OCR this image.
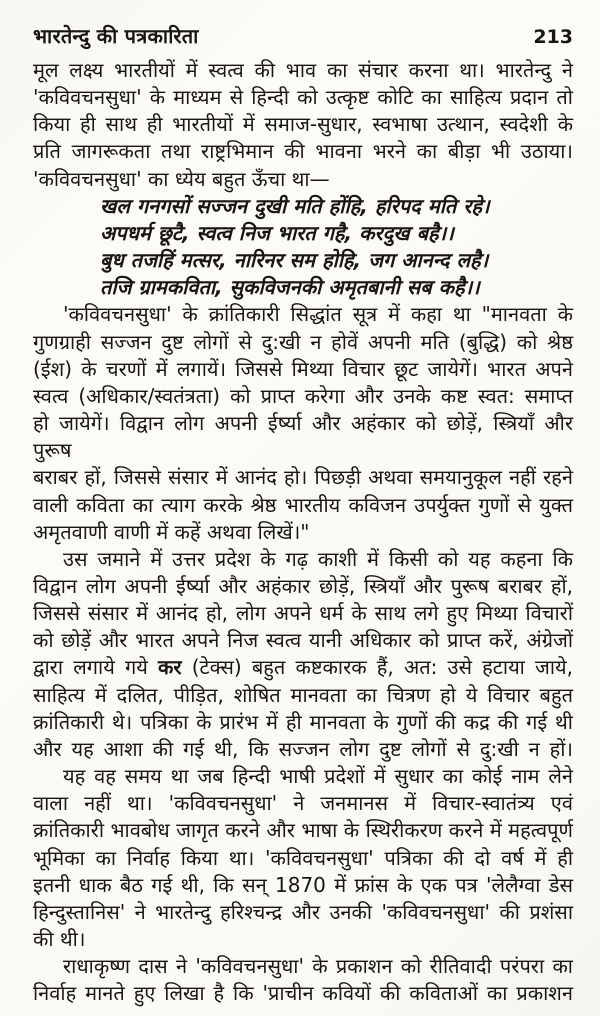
भारतेन्दु की पत्रकारिता	213
मूल लक्ष्य भारतीयों में स्वत्व की भाव का संचार करना था। भारतेन्दु ने
'कविवचनसुधा' के माध्यम से हिन्दी को उत्कृष्ट कोटि का साहित्य प्रदान तो
किया ही साथ ही भारतीयों में समाज-सुधार, स्वभाषा उत्थान, स्वदेशी के
प्रति जागरूकता तथा राष्ट्रभिमान की भावना भरने का बीड़ा भी उठाया।
'कविवचनसुधा' का ध्येय बहुत ऊँचा था—
खल गनगसों सज्जन दुखी मति होंहि, हरिपद मति रहे।
अपधर्म छूटै, स्वत्व निज भारत गहै, करदुख बहै।।
बुध तजहिं मत्सर, नारिनर सम होहि, जग आनन्द लहै।
तजि ग्रामकविता, सुकविजनकी अमृतबानी सब कहै।।
'कविवचनसुधा' के क्रांतिकारी सिद्धांत सूत्र में कहा था "मानवता के
गुणग्राही सज्जन दुष्ट लोगों से दु:खी न होवें अपनी मति (बुद्धि) को श्रेष्ठ
(ईश) के चरणों में लगायें। जिससे मिथ्या विचार छूट जायेगें। भारत अपने
स्वत्व (अधिकार/स्वतंत्रता) को प्राप्त करेगा और उनके कष्ट स्वत: समाप्त
हो जायेगें। विद्वान लोग अपनी ईर्ष्या और अहंकार को छोड़ें, स्त्रियाँ और पुरूष
बराबर हों, जिससे संसार में आनंद हो। पिछड़ी अथवा समयानुकूल नहीं रहने
वाली कविता का त्याग करके श्रेष्ठ भारतीय कविजन उपर्युक्त गुणों से युक्त
अमृतवाणी वाणी में कहें अथवा लिखें।"
उस जमाने में उत्तर प्रदेश के गढ़ काशी में किसी को यह कहना कि
विद्वान लोग अपनी ईर्ष्या और अहंकार छोड़ें, स्त्रियाँ और पुरूष बराबर हों,
जिससे संसार में आनंद हो, लोग अपने धर्म के साथ लगे हुए मिथ्या विचारों
को छोड़ें और भारत अपने निज स्वत्व यानी अधिकार को प्राप्त करें, अंग्रेजों
द्वारा लगाये गये कर (टेक्स) बहुत कष्टकारक हैं, अत: उसे हटाया जाये,
साहित्य में दलित, पीड़ित, शोषित मानवता का चित्रण हो ये विचार बहुत
क्रांतिकारी थे। पत्रिका के प्रारंभ में ही मानवता के गुणों की कद्र की गई थी
और यह आशा की गई थी, कि सज्जन लोग दुष्ट लोगों से दु:खी न हों।
यह वह समय था जब हिन्दी भाषी प्रदेशों में सुधार का कोई नाम लेने
वाला नहीं था। 'कविवचनसुधा' ने जनमानस में विचार-स्वातंत्र्य एवं
क्रांतिकारी भावबोध जागृत करने और भाषा के स्थिरीकरण करने में महत्वपूर्ण
भूमिका का निर्वाह किया था। 'कविवचनसुधा' पत्रिका की दो वर्ष में ही
इतनी धाक बैठ गई थी, कि सन् 1870 में फ्रांस के एक पत्र 'लेलैग्वा डेस
हिन्दुस्तानिस' ने भारतेन्दु हरिश्चन्द्र और उनकी 'कविवचनसुधा' की प्रशंसा
की थी।
राधाकृष्ण दास ने 'कविवचनसुधा' के प्रकाशन को रीतिवादी परंपरा का
निर्वाह मानते हुए लिखा है कि 'प्राचीन कवियों की कविताओं का प्रकाशन
